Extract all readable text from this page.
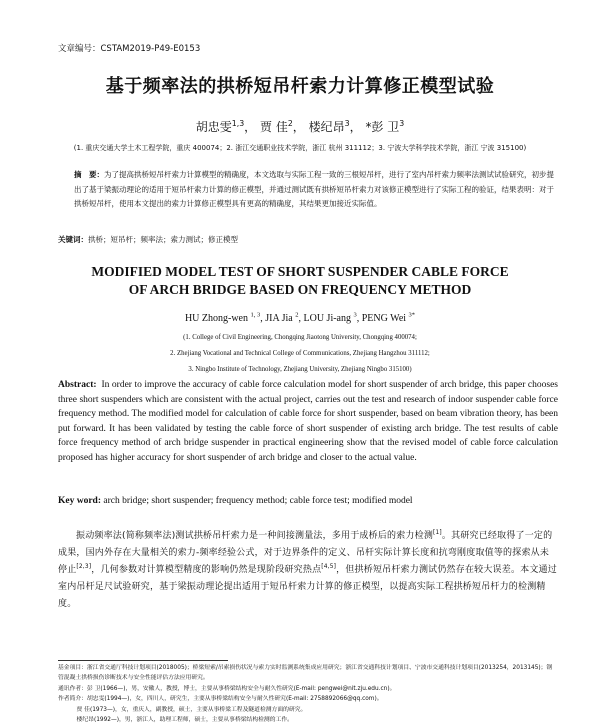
文章编号：CSTAM2019-P49-E0153
基于频率法的拱桥短吊杆索力计算修正模型试验
胡忠雯$^{1,3}$， 贾 佳$^2$， 楼纪昂$^3$， *彭 卫$^3$
(1. 重庆交通大学土木工程学院，重庆 400074；2. 浙江交通职业技术学院，浙江 杭州 311112；3. 宁波大学科学技术学院，浙江 宁波 315100)
摘　要：为了提高拱桥短吊杆索力计算模型的精确度，本文选取与实际工程一致的三根短吊杆，进行了室内吊杆索力频率法测试试验研究，初步提出了基于梁振动理论的适用于短吊杆索力计算的修正模型，并通过测试既有拱桥短吊杆索力对该修正模型进行了实际工程的验证，结果表明：对于拱桥短吊杆，使用本文提出的索力计算修正模型具有更高的精确度，其结果更加接近实际值。
关键词：拱桥；短吊杆；频率法；索力测试；修正模型
MODIFIED MODEL TEST OF SHORT SUSPENDER CABLE FORCE
OF ARCH BRIDGE BASED ON FREQUENCY METHOD
HU Zhong-wen $^{1, 3}$, JIA Jia $^2$, LOU Ji-ang $^3$, PENG Wei $^{3*}$
(1. College of Civil Engineering, Chongqing Jiaotong University, Chongqing 400074;
2. Zhejiang Vocational and Technical College of Communications, Zhejiang Hangzhou 311112;
3. Ningbo Institute of Technology, Zhejiang University, Zhejiang Ningbo 315100)
Abstract: In order to improve the accuracy of cable force calculation model for short suspender of arch bridge, this paper chooses three short suspenders which are consistent with the actual project, carries out the test and research of indoor suspender cable force frequency method. The modified model for calculation of cable force for short suspender, based on beam vibration theory, has been put forward. It has been validated by testing the cable force of short suspender of existing arch bridge. The test results of cable force frequency method of arch bridge suspender in practical engineering show that the revised model of cable force calculation proposed has higher accuracy for short suspender of arch bridge and closer to the actual value.
Key word: arch bridge; short suspender; frequency method; cable force test; modified model
振动频率法(简称频率法)测试拱桥吊杆索力是一种间接测量法，多用于成桥后的索力检测[1]。其研究已经取得了一定的成果，国内外存在大量相关的索力-频率经验公式，对于边界条件的定义、吊杆实际计算长度和抗弯刚度取值等的探索从未停止[2,3]，几何参数对计算模型精度的影响仍然是现阶段研究热点[4,5]，但拱桥短吊杆索力测试仍然存在较大误差。本文通过室内吊杆足尺试验研究，基于梁振动理论提出适用于短吊杆索力计算的修正模型，以提高实际工程拱桥短吊杆力的检测精度。
基金项目：浙江省交通厅科技计划项目(2018005)；桥梁短索/吊索损伤状况与索力实时监测系统集成应用研究；浙江省交通科技计划项目、宁波市交通科技计划项目(2013254，2013145)；钢管混凝土拱桥损伤诊断技术与安全性能评估方法应用研究。
通讯作者：彭 卫(1966—)，男，安徽人，教授，博士，主要从事桥梁结构安全与耐久性研究(E-mail: pengwei@nit.zju.edu.cn)。
作者简介：胡忠雯(1994—)，女，四川人，研究生，主要从事桥梁结构安全与耐久性研究(E-mail: 2758892066@qq.com)。
贾 佳(1973—)，女，重庆人，副教授，硕士，主要从事桥梁工程及隧道检测方面的研究。
楼纪昂(1992—)，男，浙江人，助理工程师，硕士，主要从事桥梁结构检测的工作。
